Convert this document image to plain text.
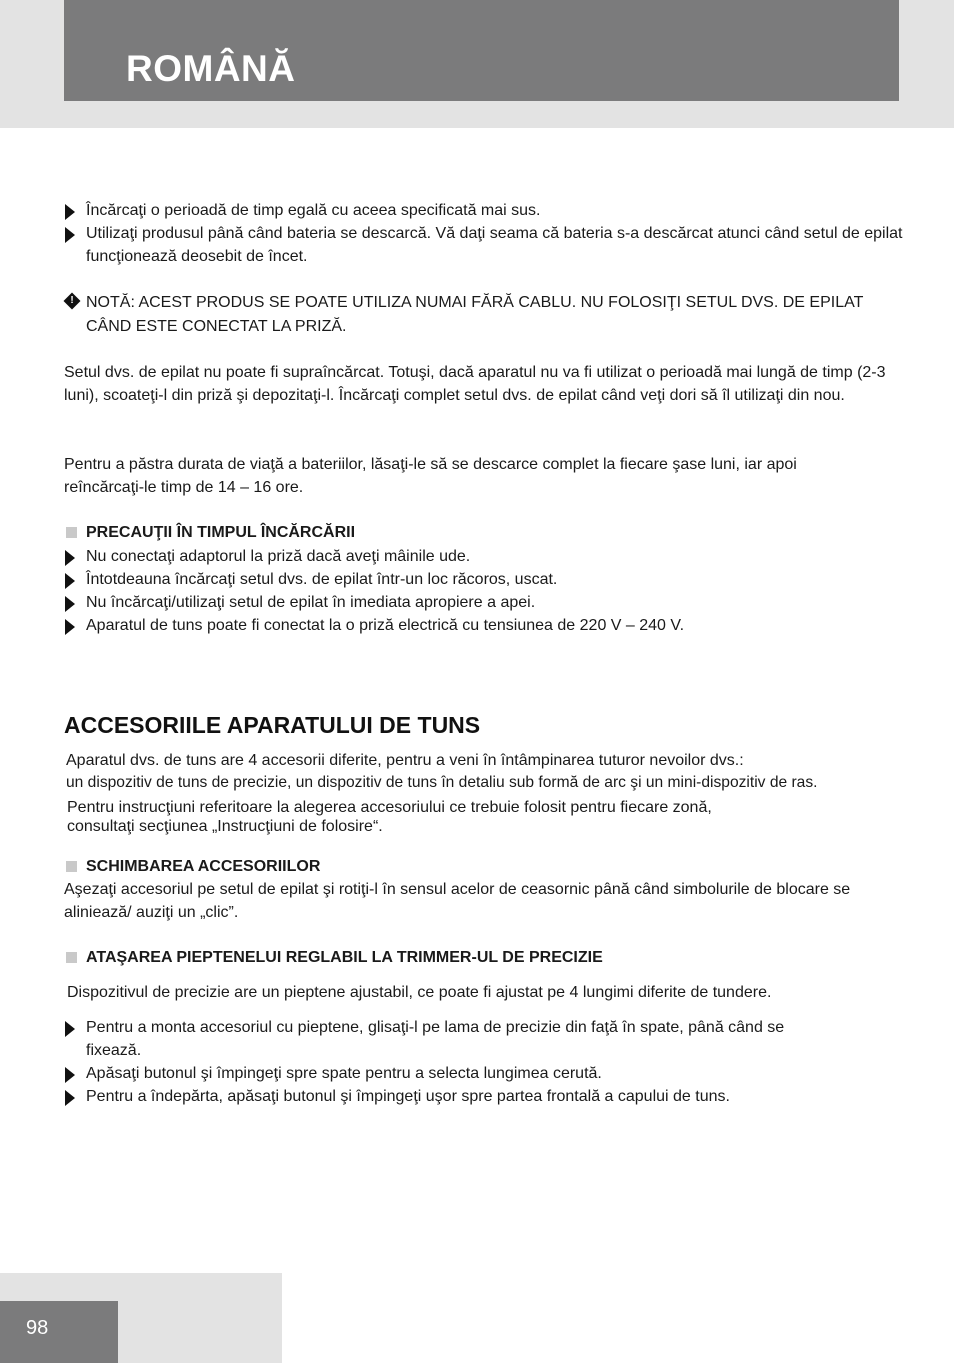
ROMÂNĂ
Încărcaţi o perioadă de timp egală cu aceea specificată mai sus.
Utilizaţi produsul până când bateria se descarcă. Vă daţi seama că bateria s-a descărcat atunci când setul de epilat funcţionează deosebit de încet.
! NOTĂ: ACEST PRODUS SE POATE UTILIZA NUMAI FĂRĂ CABLU. NU FOLOSIŢI SETUL DVS. DE EPILAT CÂND ESTE CONECTAT LA PRIZĂ.

Setul dvs. de epilat nu poate fi supraîncărcat. Totuşi, dacă aparatul nu va fi utilizat o perioadă mai lungă de timp (2-3 luni), scoateţi-l din priză şi depozitaţi-l. Încărcaţi complet setul dvs. de epilat când veţi dori să îl utilizaţi din nou.

Pentru a păstra durata de viaţă a bateriilor, lăsaţi-le să se descarce complet la fiecare şase luni, iar apoi reîncărcaţi-le timp de 14 – 16 ore.

PRECAUŢII ÎN TIMPUL ÎNCĂRCĂRII
Nu conectaţi adaptorul la priză dacă aveţi mâinile ude.
Întotdeauna încărcaţi setul dvs. de epilat într-un loc răcoros, uscat.
Nu încărcaţi/utilizaţi setul de epilat în imediata apropiere a apei.
Aparatul de tuns poate fi conectat la o priză electrică cu tensiunea de 220 V – 240 V.
ACCESORIILE APARATULUI DE TUNS

Aparatul dvs. de tuns are 4 accesorii diferite, pentru a veni în întâmpinarea tuturor nevoilor dvs.:

un dispozitiv de tuns de precizie, un dispozitiv de tuns în detaliu sub formă de arc şi un mini-dispozitiv de ras.

Pentru instrucţiuni referitoare la alegerea accesoriului ce trebuie folosit pentru fiecare zonă,

consultaţi secţiunea „Instrucţiuni de folosire“.

SCHIMBAREA ACCESORIILOR

Aşezaţi accesoriul pe setul de epilat şi rotiţi-l în sensul acelor de ceasornic până când simbolurile de blocare se aliniează/ auziţi un „clic”.

ATAŞAREA PIEPTENELUI REGLABIL LA TRIMMER-UL DE PRECIZIE

Dispozitivul de precizie are un pieptene ajustabil, ce poate fi ajustat pe 4 lungimi diferite de tundere.

Pentru a monta accesoriul cu pieptene, glisaţi-l pe lama de precizie din faţă în spate, până când se fixează.
Apăsaţi butonul şi împingeţi spre spate pentru a selecta lungimea cerută.
Pentru a îndepărta, apăsaţi butonul şi împingeţi uşor spre partea frontală a capului de tuns.
98
